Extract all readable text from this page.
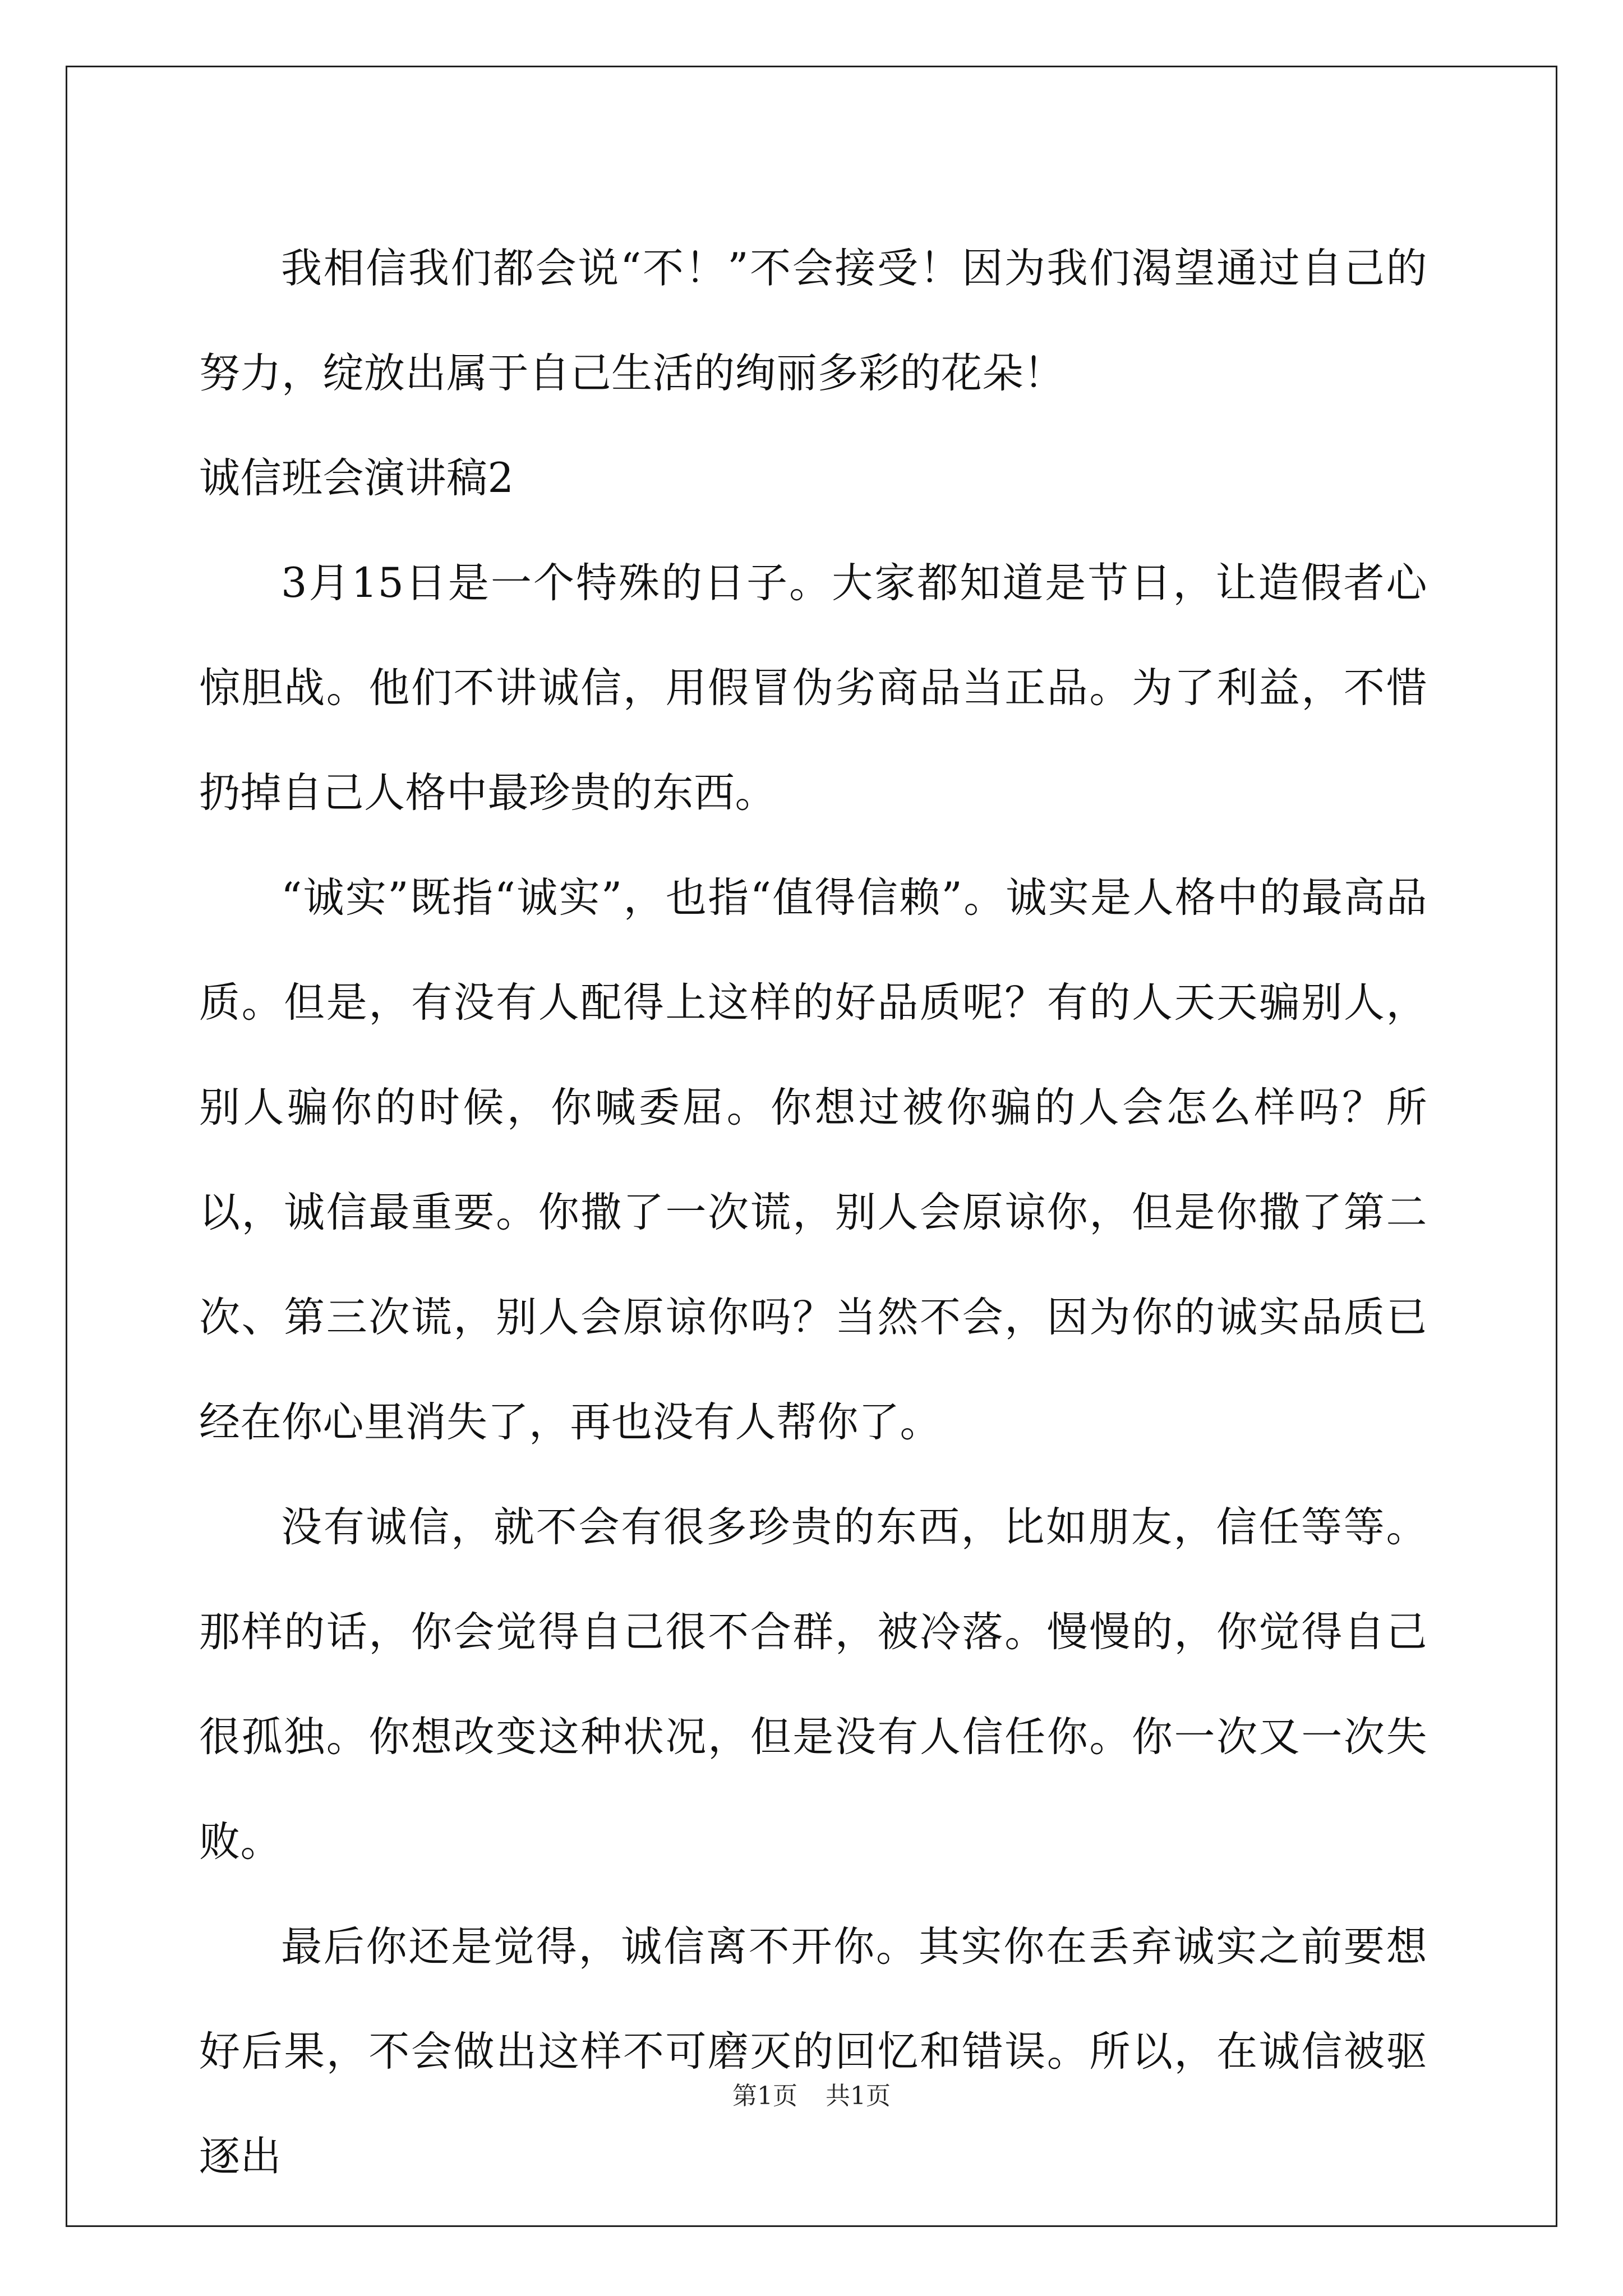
我相信我们都会说“不！”不会接受！因为我们渴望通过自己的努力，绽放出属于自己生活的绚丽多彩的花朵！

诚信班会演讲稿2

3月15日是一个特殊的日子。大家都知道是节日，让造假者心惊胆战。他们不讲诚信，用假冒伪劣商品当正品。为了利益，不惜扔掉自己人格中最珍贵的东西。

“诚实”既指“诚实”，也指“值得信赖”。诚实是人格中的最高品质。但是，有没有人配得上这样的好品质呢？有的人天天骗别人，别人骗你的时候，你喊委屈。你想过被你骗的人会怎么样吗？所以，诚信最重要。你撒了一次谎，别人会原谅你，但是你撒了第二次、第三次谎，别人会原谅你吗？当然不会，因为你的诚实品质已经在你心里消失了，再也没有人帮你了。

没有诚信，就不会有很多珍贵的东西，比如朋友，信任等等。那样的话，你会觉得自己很不合群，被冷落。慢慢的，你觉得自己很孤独。你想改变这种状况，但是没有人信任你。你一次又一次失败。

最后你还是觉得，诚信离不开你。其实你在丢弃诚实之前要想好后果，不会做出这样不可磨灭的回忆和错误。所以，在诚信被驱逐出

第1页 共1页
